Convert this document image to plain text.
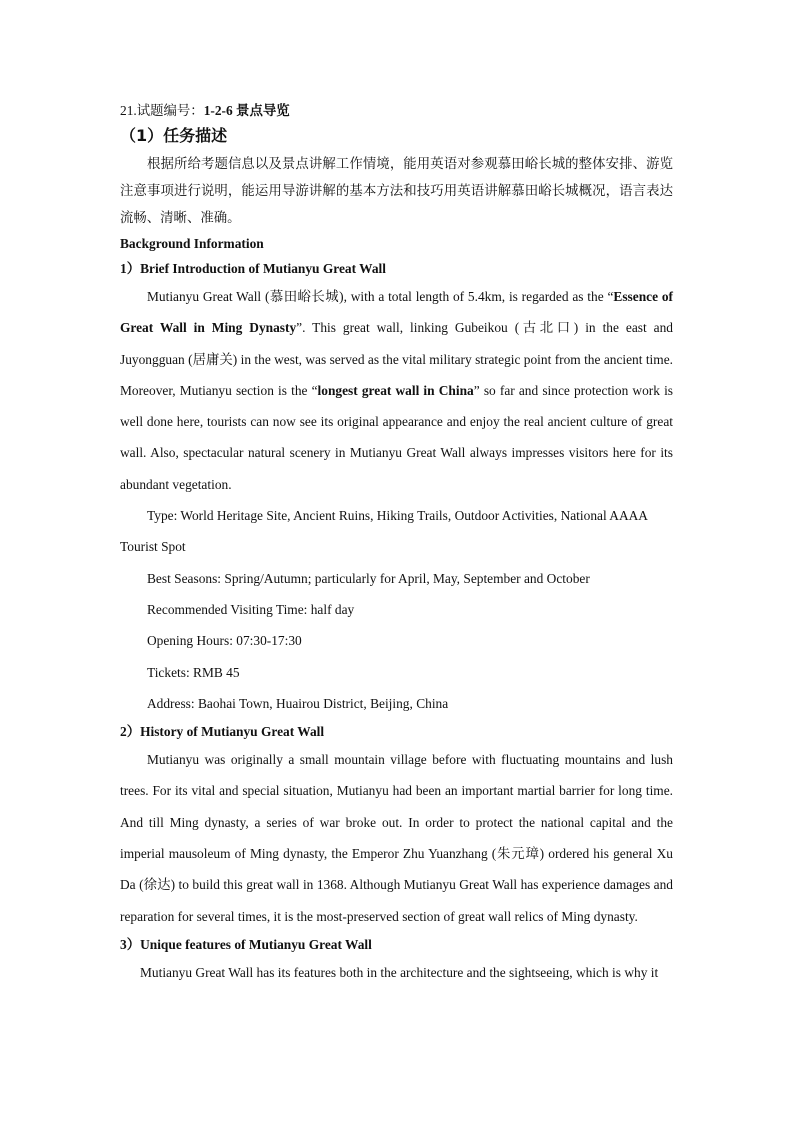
21.试题编号：1-2-6 景点导览

（1）任务描述

根据所给考题信息以及景点讲解工作情境，能用英语对参观慕田峪长城的整体安排、游览注意事项进行说明，能运用导游讲解的基本方法和技巧用英语讲解慕田峪长城概况，语言表达流畅、清晰、准确。

Background Information

1）Brief Introduction of Mutianyu Great Wall

Mutianyu Great Wall (慕田峪长城), with a total length of 5.4km, is regarded as the “Essence of Great Wall in Ming Dynasty”. This great wall, linking Gubeikou (古北口) in the east and Juyongguan (居庸关) in the west, was served as the vital military strategic point from the ancient time. Moreover, Mutianyu section is the “longest great wall in China” so far and since protection work is well done here, tourists can now see its original appearance and enjoy the real ancient culture of great wall. Also, spectacular natural scenery in Mutianyu Great Wall always impresses visitors here for its abundant vegetation.

Type: World Heritage Site, Ancient Ruins, Hiking Trails, Outdoor Activities, National AAAA Tourist Spot

Best Seasons: Spring/Autumn; particularly for April, May, September and October

Recommended Visiting Time: half day

Opening Hours: 07:30-17:30

Tickets: RMB 45

Address: Baohai Town, Huairou District, Beijing, China

2）History of Mutianyu Great Wall

Mutianyu was originally a small mountain village before with fluctuating mountains and lush trees. For its vital and special situation, Mutianyu had been an important martial barrier for long time. And till Ming dynasty, a series of war broke out. In order to protect the national capital and the imperial mausoleum of Ming dynasty, the Emperor Zhu Yuanzhang (朱元璋) ordered his general Xu Da (徐达) to build this great wall in 1368. Although Mutianyu Great Wall has experience damages and reparation for several times, it is the most-preserved section of great wall relics of Ming dynasty.

3）Unique features of Mutianyu Great Wall

Mutianyu Great Wall has its features both in the architecture and the sightseeing, which is why it
